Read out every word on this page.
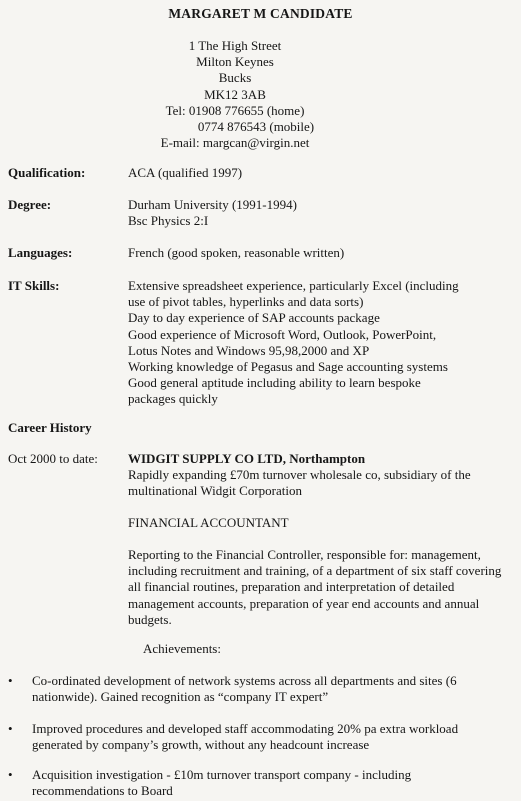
MARGARET M CANDIDATE
1 The High Street
Milton Keynes
Bucks
MK12 3AB
Tel: 01908 776655 (home)
0774 876543 (mobile)
E-mail: margcan@virgin.net
Qualification:	ACA (qualified 1997)
Degree:	Durham University (1991-1994)
Bsc Physics 2:I
Languages:	French (good spoken, reasonable written)
IT Skills:	Extensive spreadsheet experience, particularly Excel (including
use of pivot tables, hyperlinks and data sorts)
Day to day experience of SAP accounts package
Good experience of Microsoft Word, Outlook, PowerPoint,
Lotus Notes and Windows 95,98,2000 and XP
Working knowledge of Pegasus and Sage accounting systems
Good general aptitude including ability to learn bespoke
packages quickly
Career History
Oct 2000 to date: WIDGIT SUPPLY CO LTD, Northampton
Rapidly expanding £70m turnover wholesale co, subsidiary of the
multinational Widgit Corporation
FINANCIAL ACCOUNTANT
Reporting to the Financial Controller, responsible for: management,
including recruitment and training, of a department of six staff covering
all financial routines, preparation and interpretation of detailed
management accounts, preparation of year end accounts and annual
budgets.
Achievements:
•	Co-ordinated development of network systems across all departments and sites (6
nationwide). Gained recognition as “company IT expert”
•	Improved procedures and developed staff accommodating 20% pa extra workload
generated by company’s growth, without any headcount increase
•	Acquisition investigation - £10m turnover transport company - including
recommendations to Board
